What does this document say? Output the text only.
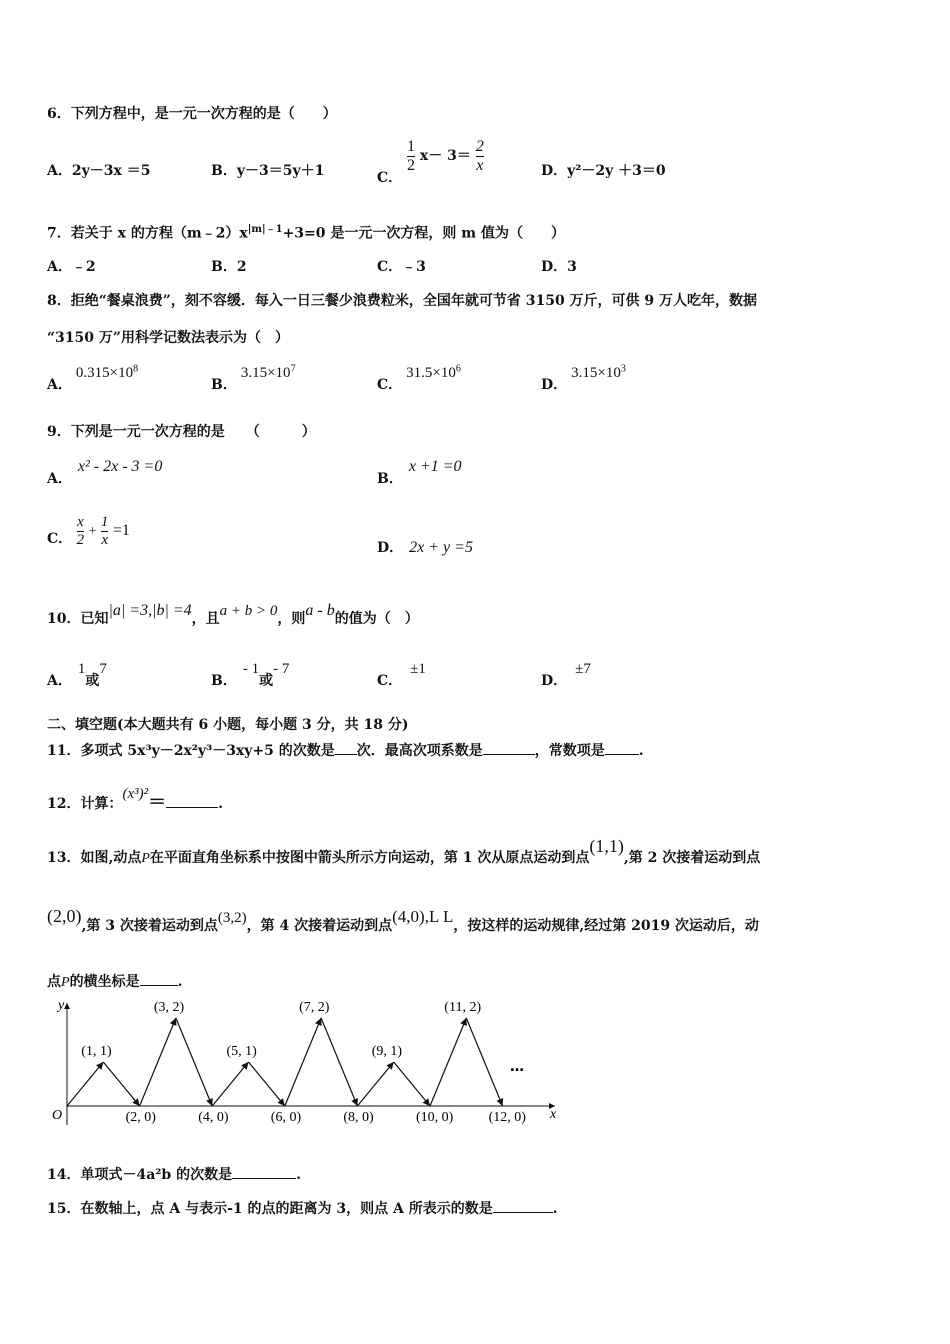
6．下列方程中，是一元一次方程的是（　　）
A．2y－3x ＝5	B．y－3＝5y＋1	C．
$\frac{1}{2} x- 3= \frac{2}{x}$	D．y²－2y ＋3＝0
7．若关于 x 的方程$(m﹣2)x^{|m|﹣1}+3=0$ 是一元一次方程，则 m 值为（　　）
A．﹣2	B．2	C．﹣3	D．3
8．拒绝“餐桌浪费”，刻不容缓．每入一日三餐少浪费粒米，全国年就可节省 3150 万斤，可供 9 万人吃年，数据
“3150 万”用科学记数法表示为（　）
A．$0.315\times 10^8$
B．$3.15\times 10^7$
C．$31.5\times 10^6$
D．$3.15\times 10^3$
9．下列是一元一次方程的是　　（　　　）
A．x² - 2x - 3 =0
B．x +1 =0
C． $\frac{x}{2} + \frac{1}{x} =1$
D． 2x + y =5
10．已知|a| =3,|b| =4，且a + b > 0，则a - b的值为（　）
A．1或7
B．- 1或- 7
C．±1
D．±7
二、填空题(本大题共有 6 小题，每小题 3 分，共 18 分)
11．多项式 5x³y－2x²y³－3xy+5 的次数是 次．最高次项系数是	，常数项是 .
12．计算：(x³)²＝	.
13．如图,动点P在平面直角坐标系中按图中箭头所示方向运动，第 1 次从原点运动到点(1,1),第 2 次接着运动到点
(2,0),第 3 次接着运动到点(3,2)，第 4 次接着运动到点(4,0),L L，按这样的运动规律,经过第 2019 次运动后，动
点P的横坐标是	.
y
x
O
(1, 1)
(3, 2)
(5, 1)
(7, 2)
(9, 1)
(11, 2)
(2, 0)	(4, 0)	(6, 0)	(8, 0)	(10, 0)	(12, 0)
…
14．单项式－4a²b 的次数是	.
15．在数轴上，点 A 与表示-1 的点的距离为 3，则点 A 所表示的数是	.
